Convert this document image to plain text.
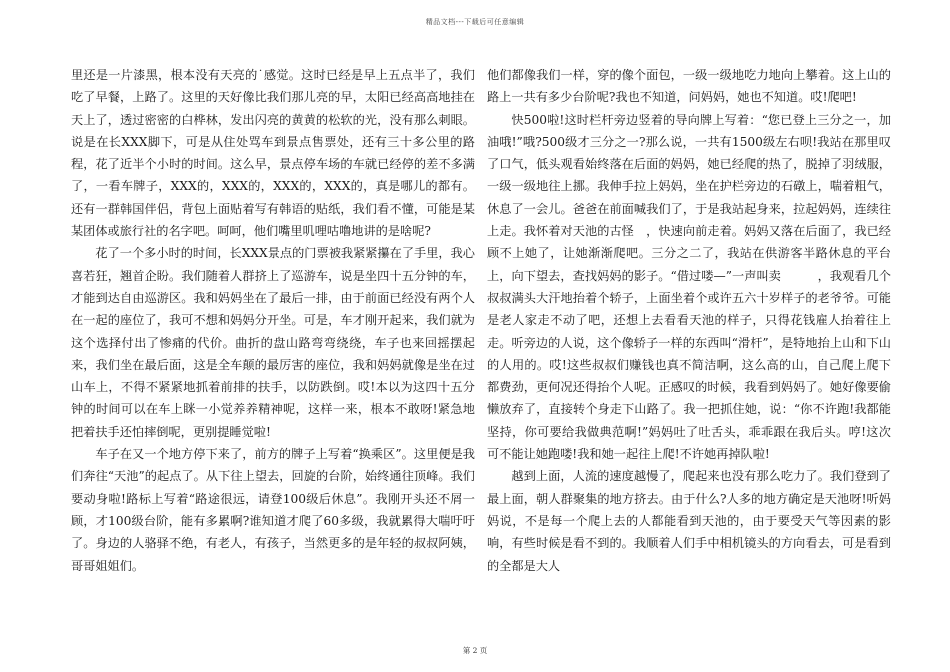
精品文档---下载后可任意编辑

里还是一片漆黑，根本没有天亮的˙感觉。这时已经是早上五点半了，我们吃了早餐，上路了。这里的天好像比我们那儿亮的早，太阳已经高高地挂在天上了，透过密密的白桦林，发出闪亮的黄黄的松软的光，没有那么刺眼。说是在长XXX脚下，可是从住处骂车到景点售票处，还有三十多公里的路程，花了近半个小时的时间。这么早，景点停车场的车就已经停的差不多满了，一看车牌子，XXX的，XXX的，XXX的，XXX的，真是哪儿的都有。还有一群韩国伴侣，背包上面贴着写有韩语的贴纸，我们看不懂，可能是某某团体或旅行社的名字吧。呵呵，他们嘴里叽哩咕噜地讲的是啥呢?

花了一个多小时的时间，长XXX景点的门票被我紧紧攥在了手里，我心喜若狂，翘首企盼。我们随着人群挤上了巡游车，说是坐四十五分钟的车，才能到达自由巡游区。我和妈妈坐在了最后一排，由于前面已经没有两个人在一起的座位了，我可不想和妈妈分开坐。可是，车才刚开起来，我们就为这个选择付出了惨痛的代价。曲折的盘山路弯弯绕绕，车子也来回摇摆起来，我们坐在最后面，这是全车颠的最厉害的座位，我和妈妈就像是坐在过山车上，不得不紧紧地抓着前排的扶手，以防跌倒。哎!本以为这四十五分钟的时间可以在车上眯一小觉养养精神呢，这样一来，根本不敢呀!紧急地把着扶手还怕摔倒呢，更别提睡觉啦!

车子在又一个地方停下来了，前方的牌子上写着“换乘区”。这里便是我们奔往“天池”的起点了。从下往上望去，回旋的台阶，始终通往顶峰。我们要动身啦!路标上写着“路途很远，请登100级后休息”。我刚开头还不屑一顾，才100级台阶，能有多累啊?谁知道才爬了60多级，我就累得大喘吁吁了。身边的人骆驿不绝，有老人，有孩子，当然更多的是年轻的叔叔阿姨，哥哥姐姐们。

他们都像我们一样，穿的像个面包，一级一级地吃力地向上攀着。这上山的路上一共有多少台阶呢?我也不知道，问妈妈，她也不知道。哎!爬吧!

快500啦!这时栏杆旁边竖着的导向牌上写着：“您已登上三分之一，加油哦!”哦?500级才三分之一?那么说，一共有1500级左右呗!我站在那里叹了口气，低头观看始终落在后面的妈妈，她已经爬的热了，脱掉了羽绒服，一级一级地往上挪。我伸手拉上妈妈，坐在护栏旁边的石礅上，喘着粗气，休息了一会儿。爸爸在前面喊我们了，于是我站起身来，拉起妈妈，连续往上走。我怀着对天池的古怪　，快速向前走着。妈妈又落在后面了，我已经顾不上她了，让她渐渐爬吧。三分之二了，我站在供游客半路休息的平台上，向下望去，查找妈妈的影子。“借过喽—”一声叫卖　　　，我观看几个叔叔满头大汗地抬着个轿子，上面坐着个或许五六十岁样子的老爷爷。可能是老人家走不动了吧，还想上去看看天池的样子，只得花钱雇人抬着往上走。听旁边的人说，这个像轿子一样的东西叫“滑杆”，是特地抬上山和下山的人用的。哎!这些叔叔们赚钱也真不简洁啊，这么高的山，自己爬上爬下都费劲，更何况还得抬个人呢。正感叹的时候，我看到妈妈了。她好像要偷懒放弃了，直接转个身走下山路了。我一把抓住她，说：“你不许跑!我都能坚持，你可要给我做典范啊!”妈妈吐了吐舌头，乖乖跟在我后头。哼!这次可不能让她跑喽!我和她一起往上爬!不许她再掉队啦!

越到上面，人流的速度越慢了，爬起来也没有那么吃力了。我们登到了最上面，朝人群聚集的地方挤去。由于什么?人多的地方确定是天池呀!听妈妈说，不是每一个爬上去的人都能看到天池的，由于要受天气等因素的影响，有些时候是看不到的。我顺着人们手中相机镜头的方向看去，可是看到的全都是大人

第 2 页
